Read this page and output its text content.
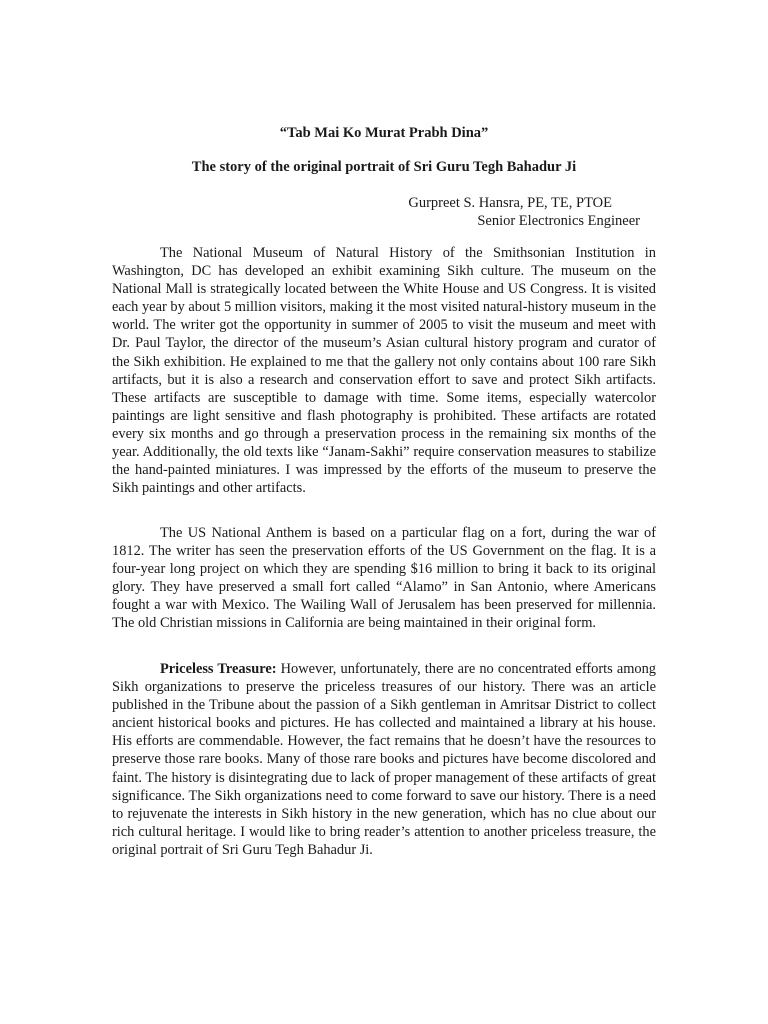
“Tab Mai Ko Murat Prabh Dina”

The story of the original portrait of Sri Guru Tegh Bahadur Ji

Gurpreet S. Hansra, PE, TE, PTOE
Senior Electronics Engineer

The National Museum of Natural History of the Smithsonian Institution in Washington, DC has developed an exhibit examining Sikh culture. The museum on the National Mall is strategically located between the White House and US Congress. It is visited each year by about 5 million visitors, making it the most visited natural-history museum in the world. The writer got the opportunity in summer of 2005 to visit the museum and meet with Dr. Paul Taylor, the director of the museum’s Asian cultural history program and curator of the Sikh exhibition. He explained to me that the gallery not only contains about 100 rare Sikh artifacts, but it is also a research and conservation effort to save and protect Sikh artifacts. These artifacts are susceptible to damage with time. Some items, especially watercolor paintings are light sensitive and flash photography is prohibited. These artifacts are rotated every six months and go through a preservation process in the remaining six months of the year. Additionally, the old texts like “Janam-Sakhi” require conservation measures to stabilize the hand-painted miniatures. I was impressed by the efforts of the museum to preserve the Sikh paintings and other artifacts.

The US National Anthem is based on a particular flag on a fort, during the war of 1812. The writer has seen the preservation efforts of the US Government on the flag. It is a four-year long project on which they are spending $16 million to bring it back to its original glory. They have preserved a small fort called “Alamo” in San Antonio, where Americans fought a war with Mexico. The Wailing Wall of Jerusalem has been preserved for millennia. The old Christian missions in California are being maintained in their original form.

Priceless Treasure: However, unfortunately, there are no concentrated efforts among Sikh organizations to preserve the priceless treasures of our history. There was an article published in the Tribune about the passion of a Sikh gentleman in Amritsar District to collect ancient historical books and pictures. He has collected and maintained a library at his house. His efforts are commendable. However, the fact remains that he doesn’t have the resources to preserve those rare books. Many of those rare books and pictures have become discolored and faint. The history is disintegrating due to lack of proper management of these artifacts of great significance. The Sikh organizations need to come forward to save our history. There is a need to rejuvenate the interests in Sikh history in the new generation, which has no clue about our rich cultural heritage. I would like to bring reader’s attention to another priceless treasure, the original portrait of Sri Guru Tegh Bahadur Ji.
